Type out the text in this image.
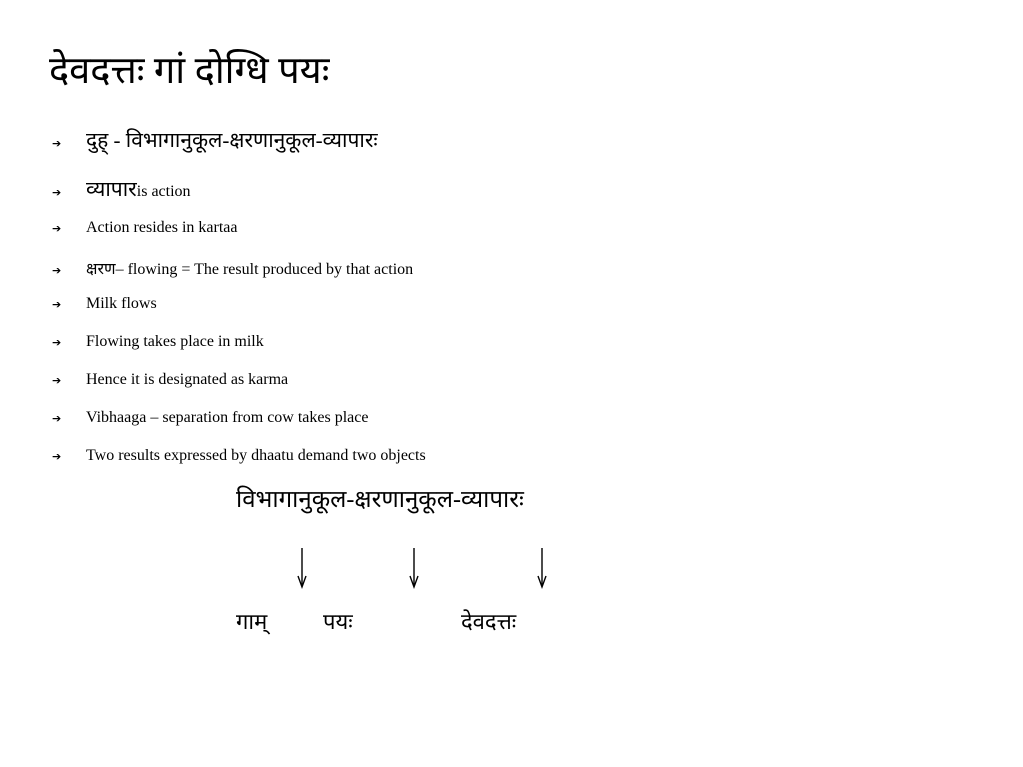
देवदत्तः गां दोग्धि पयः
➔	दुह् - विभागानुकूल-क्षरणानुकूल-व्यापारः
➔	व्यापार is action
➔	Action resides in kartaa
➔	क्षरण – flowing = The result produced by that action
➔	Milk flows
➔	Flowing takes place in milk
➔	Hence it is designated as karma
➔	Vibhaaga – separation from cow takes place
➔	Two results expressed by dhaatu demand two objects
विभागानुकूल-क्षरणानुकूल-व्यापारः
गाम्	पयः	देवदत्तः
